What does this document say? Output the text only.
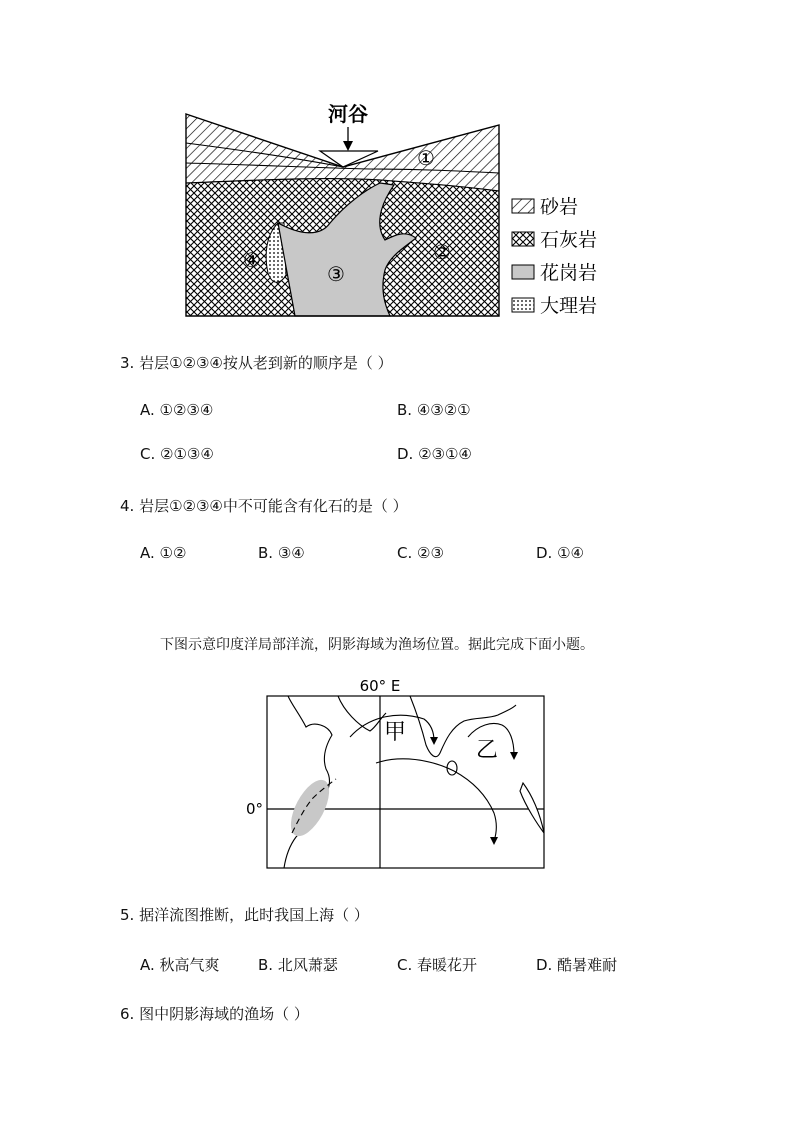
河谷
①
②
③
④
砂岩
石灰岩
花岗岩
大理岩
3. 岩层①②③④按从老到新的顺序是（ ）
A. ①②③④	B. ④③②①
C. ②①③④	D. ②③①④
4. 岩层①②③④中不可能含有化石的是（ ）
A. ①②	B. ③④	C. ②③	D. ①④
下图示意印度洋局部洋流，阴影海域为渔场位置。据此完成下面小题。
60° E
0°
甲
乙
5. 据洋流图推断，此时我国上海（ ）
A. 秋高气爽	B. 北风萧瑟	C. 春暖花开	D. 酷暑难耐
6. 图中阴影海域的渔场（ ）
